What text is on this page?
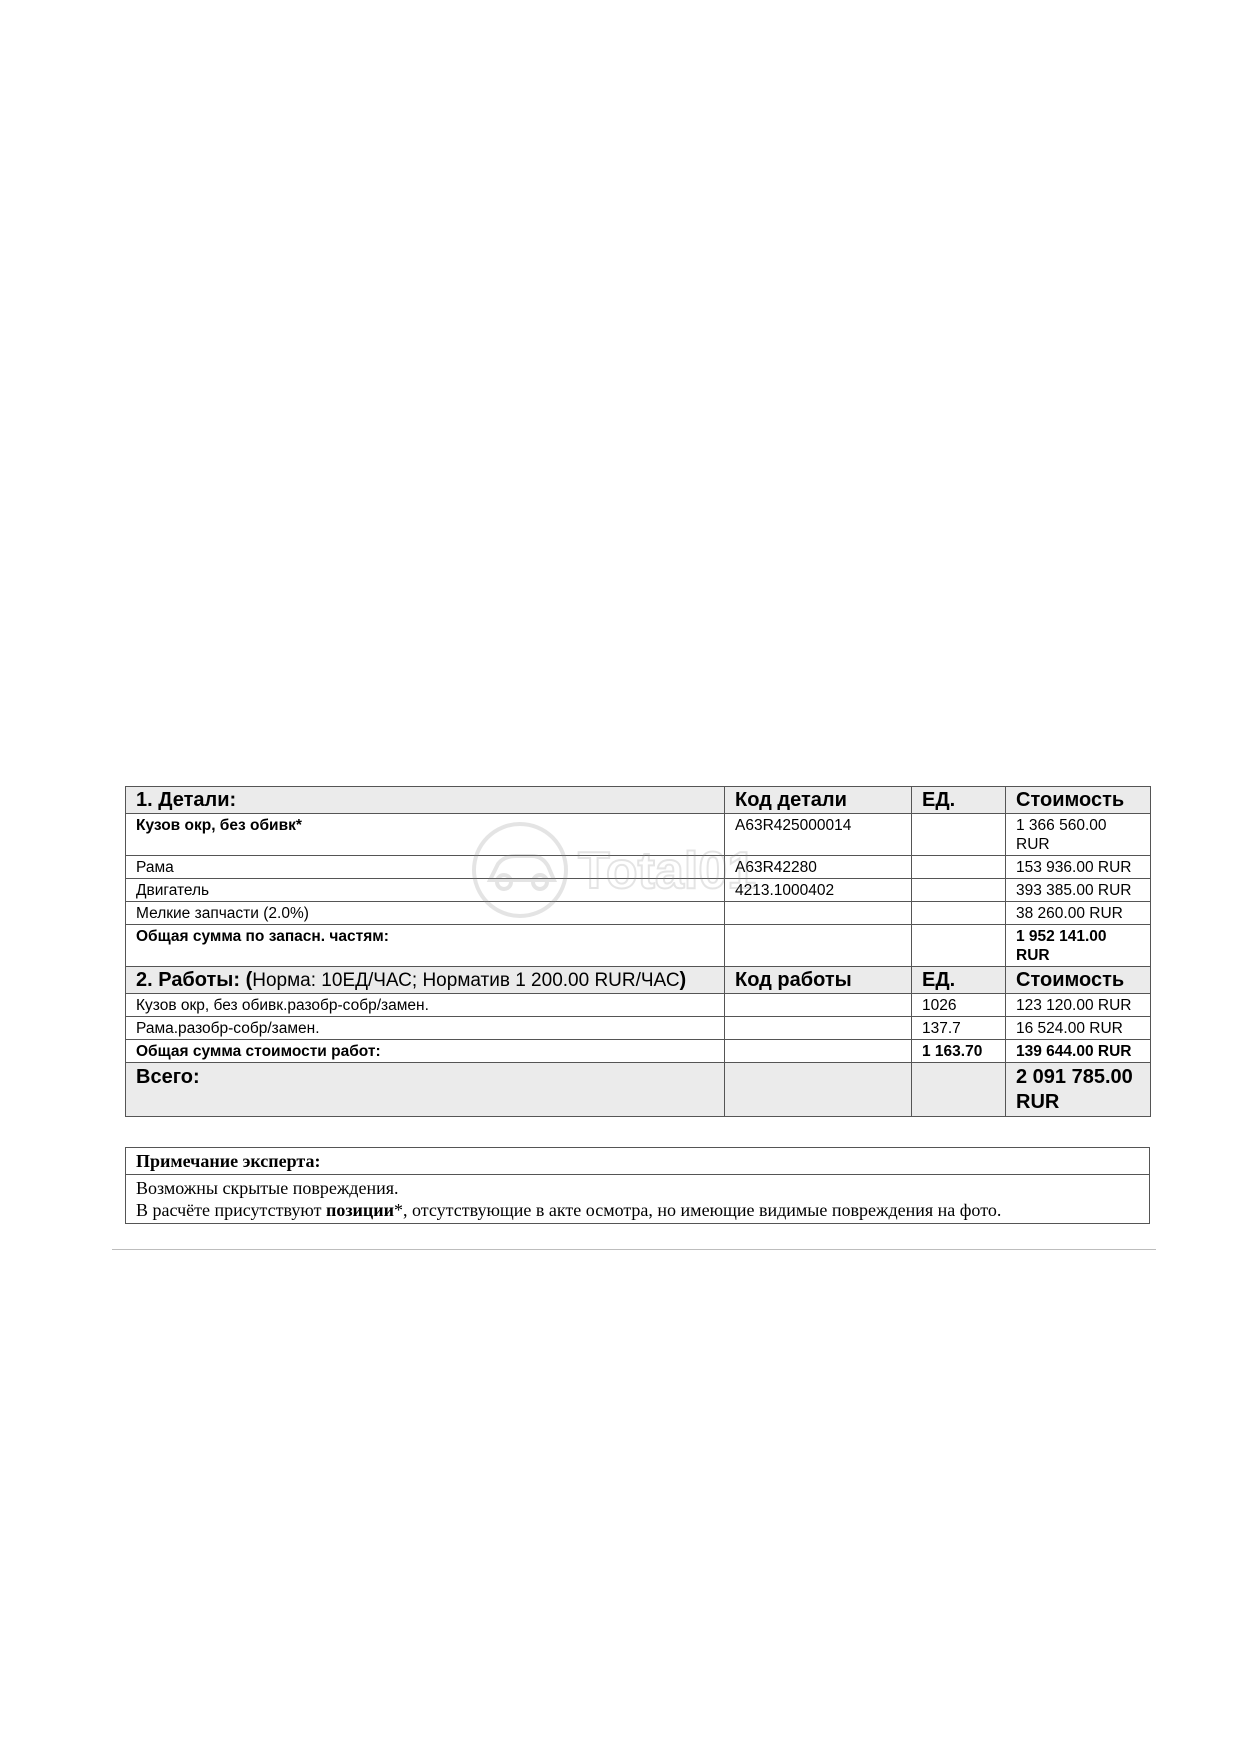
1. Детали:	Код детали	ЕД.	Стоимость
Кузов окр, без обивк*	A63R425000014		1 366 560.00 RUR
Рама	A63R42280		153 936.00 RUR
Двигатель	4213.1000402		393 385.00 RUR
Мелкие запчасти (2.0%)			38 260.00 RUR
Общая сумма по запасн. частям:			1 952 141.00 RUR
2. Работы: (Норма: 10ЕД/ЧАС; Норматив 1 200.00 RUR/ЧАС)	Код работы	ЕД.	Стоимость
Кузов окр, без обивк.разобр-собр/замен.		1026	123 120.00 RUR
Рама.разобр-собр/замен.		137.7	16 524.00 RUR
Общая сумма стоимости работ:		1 163.70	139 644.00 RUR
Всего:			2 091 785.00 RUR
Total01
Примечание эксперта:

Возможны скрытые повреждения.
В расчёте присутствуют позиции*, отсутствующие в акте осмотра, но имеющие видимые повреждения на фото.
